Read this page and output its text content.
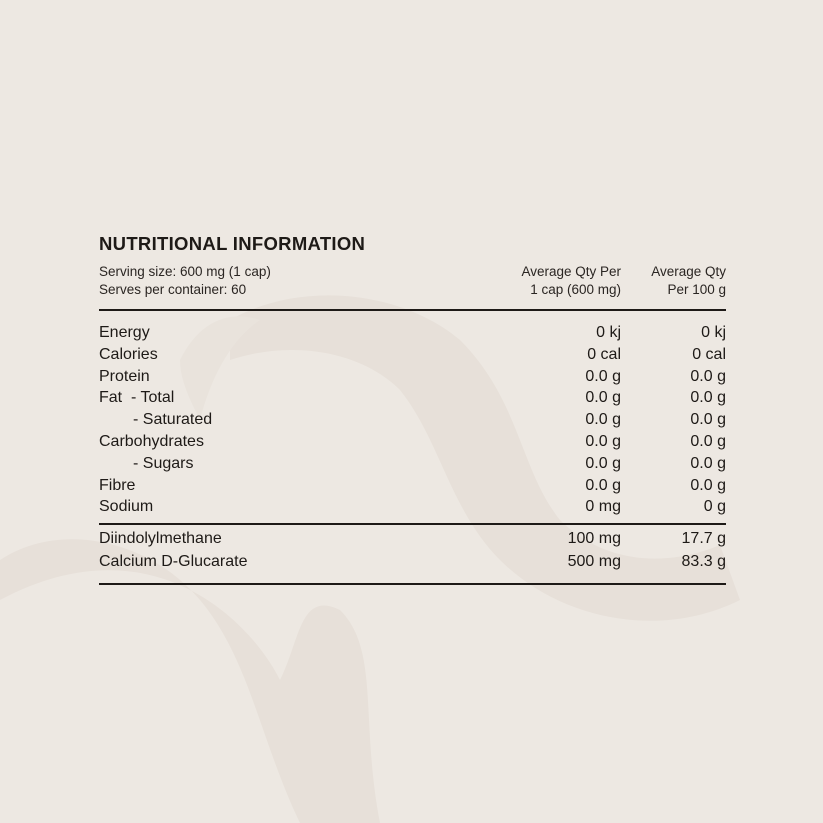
NUTRITIONAL INFORMATION
Serving size: 600 mg (1 cap)
Serves per container: 60
Average Qty Per
1 cap (600 mg)
Average Qty
Per 100 g
Energy	0 kj	0 kj
Calories	0 cal	0 cal
Protein	0.0 g	0.0 g
Fat  - Total	0.0 g	0.0 g
- Saturated	0.0 g	0.0 g
Carbohydrates	0.0 g	0.0 g
- Sugars	0.0 g	0.0 g
Fibre	0.0 g	0.0 g
Sodium	0 mg	0 g
Diindolylmethane	100 mg	17.7 g
Calcium D-Glucarate	500 mg	83.3 g
